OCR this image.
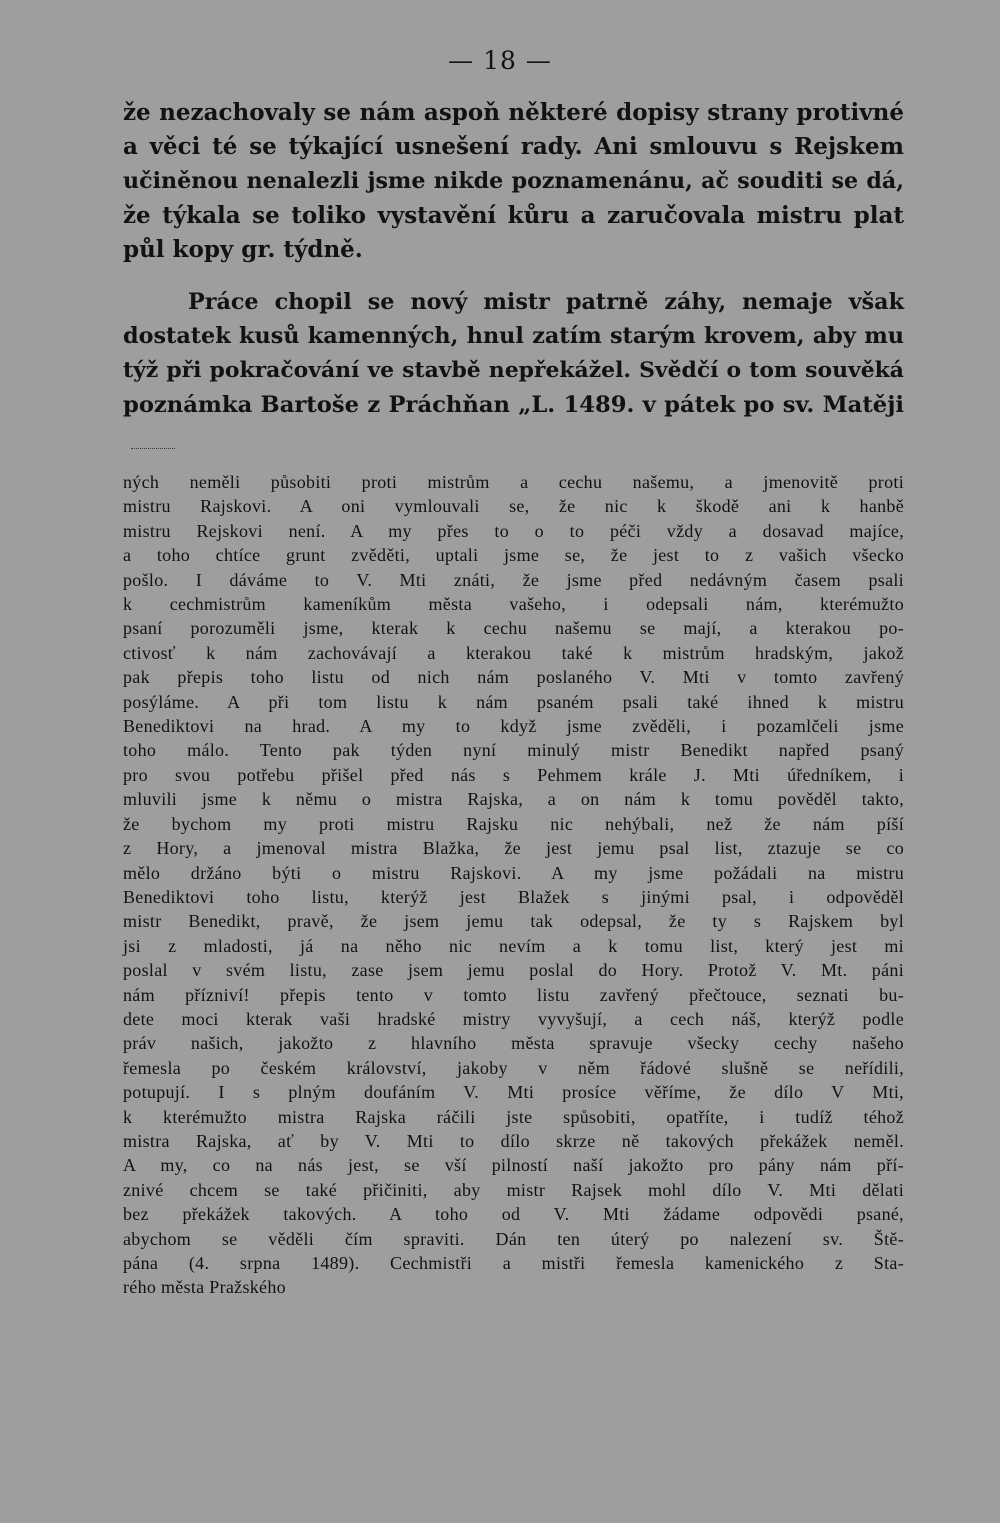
— 18 —
že nezachovaly se nám aspoň některé dopisy strany protivné
a věci té se týkající usnešení rady. Ani smlouvu s Rejskem
učiněnou nenalezli jsme nikde poznamenánu, ač souditi se dá,
že týkala se toliko vystavění kůru a zaručovala mistru plat
půl kopy gr. týdně.
Práce chopil se nový mistr patrně záhy, nemaje však
dostatek kusů kamenných, hnul zatím starým krovem, aby mu
týž při pokračování ve stavbě nepřekážel. Svědčí o tom souvěká
poznámka Bartoše z Práchňan „L. 1489. v pátek po sv. Matěji
ných neměli působiti proti mistrům a cechu našemu, a jmenovitě proti
mistru Rajskovi. A oni vymlouvali se, že nic k škodě ani k hanbě
mistru Rejskovi není. A my přes to o to péči vždy a dosavad majíce,
a toho chtíce grunt zvěděti, uptali jsme se, že jest to z vašich všecko
pošlo. I dáváme to V. Mti znáti, že jsme před nedávným časem psali
k cechmistrům kameníkům města vašeho, i odepsali nám, kterémužto
psaní porozuměli jsme, kterak k cechu našemu se mají, a kterakou po-
ctivosť k nám zachovávají a kterakou také k mistrům hradským, jakož
pak přepis toho listu od nich nám poslaného V. Mti v tomto zavřený
posýláme. A při tom listu k nám psaném psali také ihned k mistru
Benediktovi na hrad. A my to když jsme zvěděli, i pozamlčeli jsme
toho málo. Tento pak týden nyní minulý mistr Benedikt napřed psaný
pro svou potřebu přišel před nás s Pehmem krále J. Mti úředníkem, i
mluvili jsme k němu o mistra Rajska, a on nám k tomu pověděl takto,
že bychom my proti mistru Rajsku nic nehýbali, než že nám píší
z Hory, a jmenoval mistra Blažka, že jest jemu psal list, ztazuje se co
mělo držáno býti o mistru Rajskovi. A my jsme požádali na mistru
Benediktovi toho listu, kterýž jest Blažek s jinými psal, i odpověděl
mistr Benedikt, pravě, že jsem jemu tak odepsal, že ty s Rajskem byl
jsi z mladosti, já na něho nic nevím a k tomu list, který jest mi
poslal v svém listu, zase jsem jemu poslal do Hory. Protož V. Mt. páni
nám přízniví! přepis tento v tomto listu zavřený přečtouce, seznati bu-
dete moci kterak vaši hradské mistry vyvyšují, a cech náš, kterýž podle
práv našich, jakožto z hlavního města spravuje všecky cechy našeho
řemesla po českém království, jakoby v něm řádové slušně se neřídili,
potupují. I s plným doufáním V. Mti prosíce věříme, že dílo V Mti,
k kterémužto mistra Rajska ráčili jste spůsobiti, opatříte, i tudíž téhož
mistra Rajska, ať by V. Mti to dílo skrze ně takových překážek neměl.
A my, co na nás jest, se vší pilností naší jakožto pro pány nám pří-
znivé chcem se také přičiniti, aby mistr Rajsek mohl dílo V. Mti dělati
bez překážek takových. A toho od V. Mti žádame odpovědi psané,
abychom se věděli čím spraviti. Dán ten úterý po nalezení sv. Ště-
pána (4. srpna 1489). Cechmistři a mistři řemesla kamenického z Sta-
rého města Pražského
